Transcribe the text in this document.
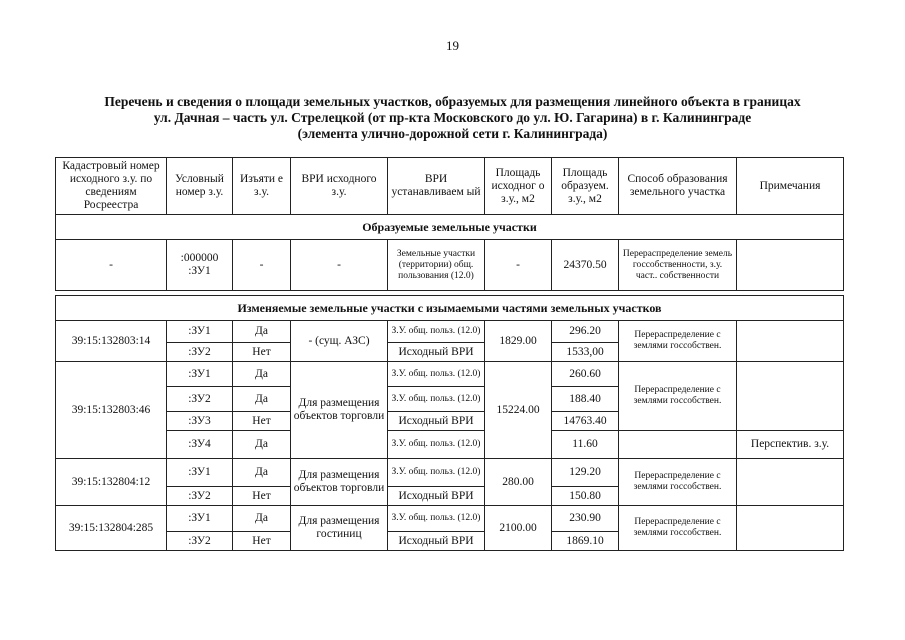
19
Перечень и сведения о площади земельных участков, образуемых для размещения линейного объекта в границах
ул. Дачная – часть ул. Стрелецкой (от пр-кта Московского до ул. Ю. Гагарина) в г. Калининграде
(элемента улично-дорожной сети г. Калининграда)
Кадастровый номер исходного з.у. по сведениям Росреестра	Условный номер з.у.	Изъяти е з.у.	ВРИ исходного з.у.	ВРИ устанавливаем ый	Площадь исходног о з.у., м2	Площадь образуем. з.у., м2	Способ образования земельного участка	Примечания
Образуемые земельные участки								
-	:000000 :ЗУ1	-	-	Земельные участки (территории) общ. пользования (12.0)	-	24370.50	Перераспределение земель госсобственности, з.у. част.. собственности	

Изменяемые земельные участки с изымаемыми частями земельных участков								
39:15:132803:14	:ЗУ1	Да	- (сущ. АЗС)	З.У. общ. польз. (12.0)	1829.00	296.20	Перераспределение с землями госсобствен.	
	:ЗУ2	Нет		Исходный ВРИ		1533,00		
39:15:132803:46	:ЗУ1	Да	Для размещения объектов торговли	З.У. общ. польз. (12.0)	15224.00	260.60	Перераспределение с землями госсобствен.	
	:ЗУ2	Да		З.У. общ. польз. (12.0)		188.40		
	:ЗУ3	Нет		Исходный ВРИ		14763.40		
	:ЗУ4	Да		З.У. общ. польз. (12.0)		11.60		Перспектив. з.у.
39:15:132804:12	:ЗУ1	Да	Для размещения объектов торговли	З.У. общ. польз. (12.0)	280.00	129.20	Перераспределение с землями госсобствен.	
	:ЗУ2	Нет		Исходный ВРИ		150.80		
39:15:132804:285	:ЗУ1	Да	Для размещения гостиниц	З.У. общ. польз. (12.0)	2100.00	230.90	Перераспределение с землями госсобствен.	
	:ЗУ2	Нет		Исходный ВРИ		1869.10		
